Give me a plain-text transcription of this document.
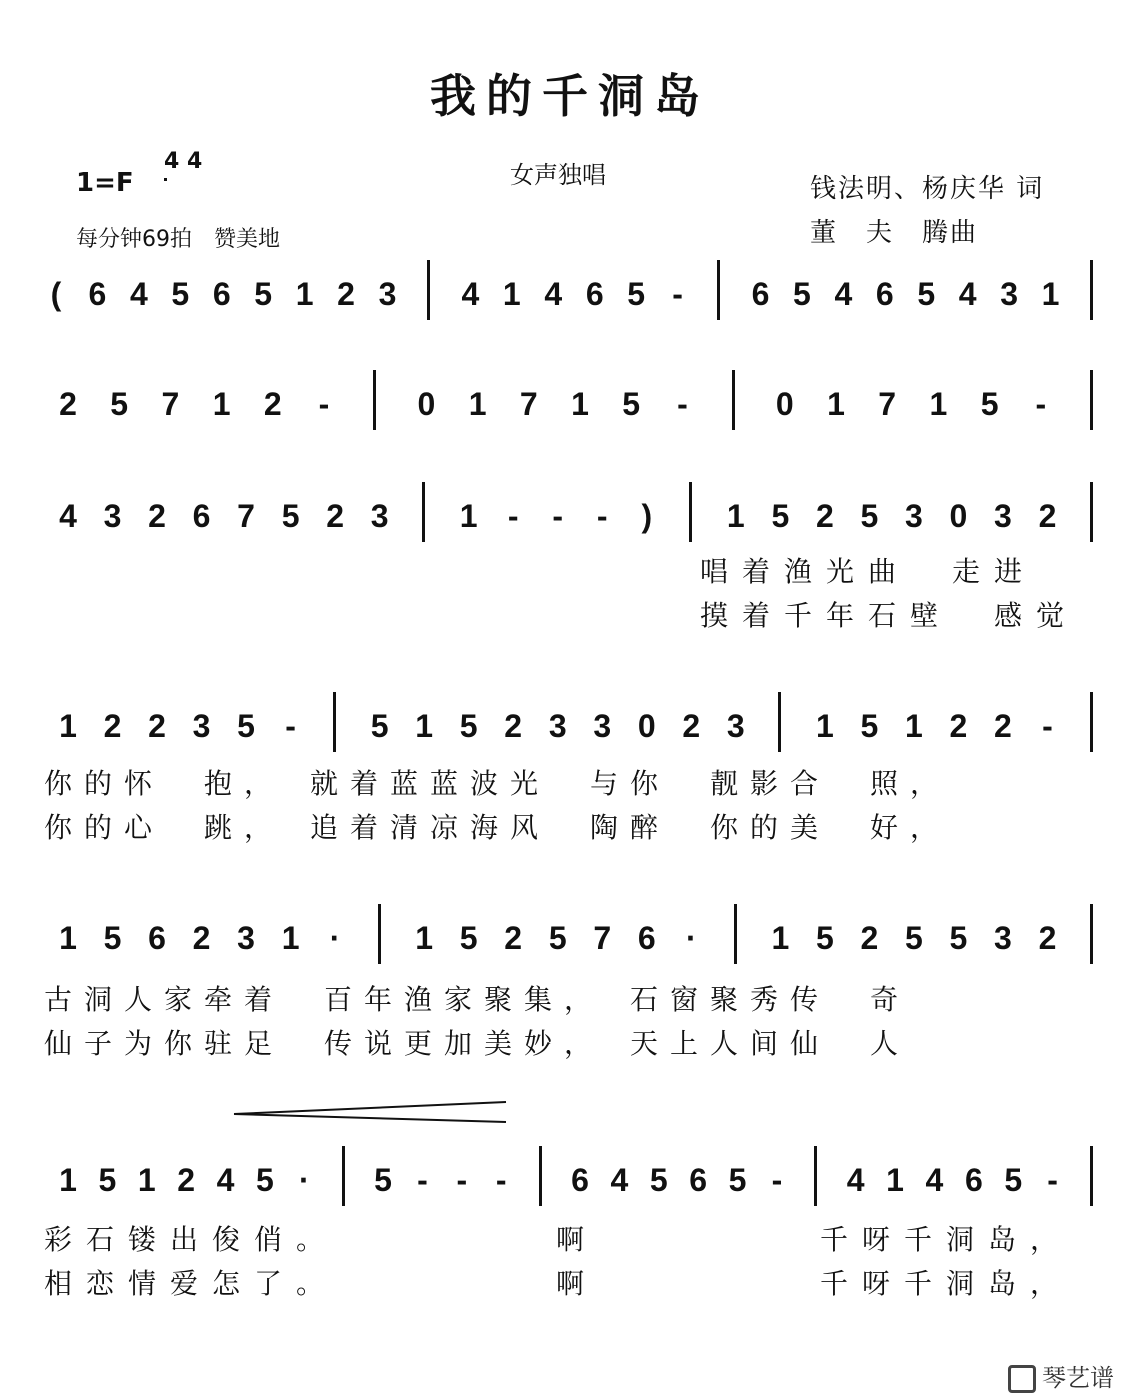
我的千洞岛
1=F
4 4	女声独唱	钱法明、杨庆华 词
董　夫　腾曲
每分钟69拍　赞美地
( 6 4 5 6 5 1 2 3 4 1 4 6 5 - 6 5 4 6 5 4 3 1
2 5 7 1 2 -	0 1 7 1 5 -	0 1 7 1 5 -
4 3 2 6 7 5 2 3 1 - - - ) 1 5 2 5 3 0 3 2
1 2 2 3 5 - 5 1 5 2 3 3 0 2 3 1 5 1 2 2 -
1 5 6 2 3 1 · 1 5 2 5 7 6 · 1 5 2 5 5 3 2
1 5 1 2 4 5 · 5 - - - 6 4 5 6 5 - 4 1 4 6 5 -
唱着渔光曲　走进
摸着千年石壁　感觉
你的怀　抱，　就着蓝蓝波光　与你　靓影合　照，
你的心　跳，　追着清凉海风　陶醉　你的美　好，
古洞人家牵着　百年渔家聚集，　石窗聚秀传　奇
仙子为你驻足　传说更加美妙，　天上人间仙　人
彩石镂出俊俏。	啊	千呀千洞岛，
相恋情爱怎了。	啊	千呀千洞岛，
琴艺谱
